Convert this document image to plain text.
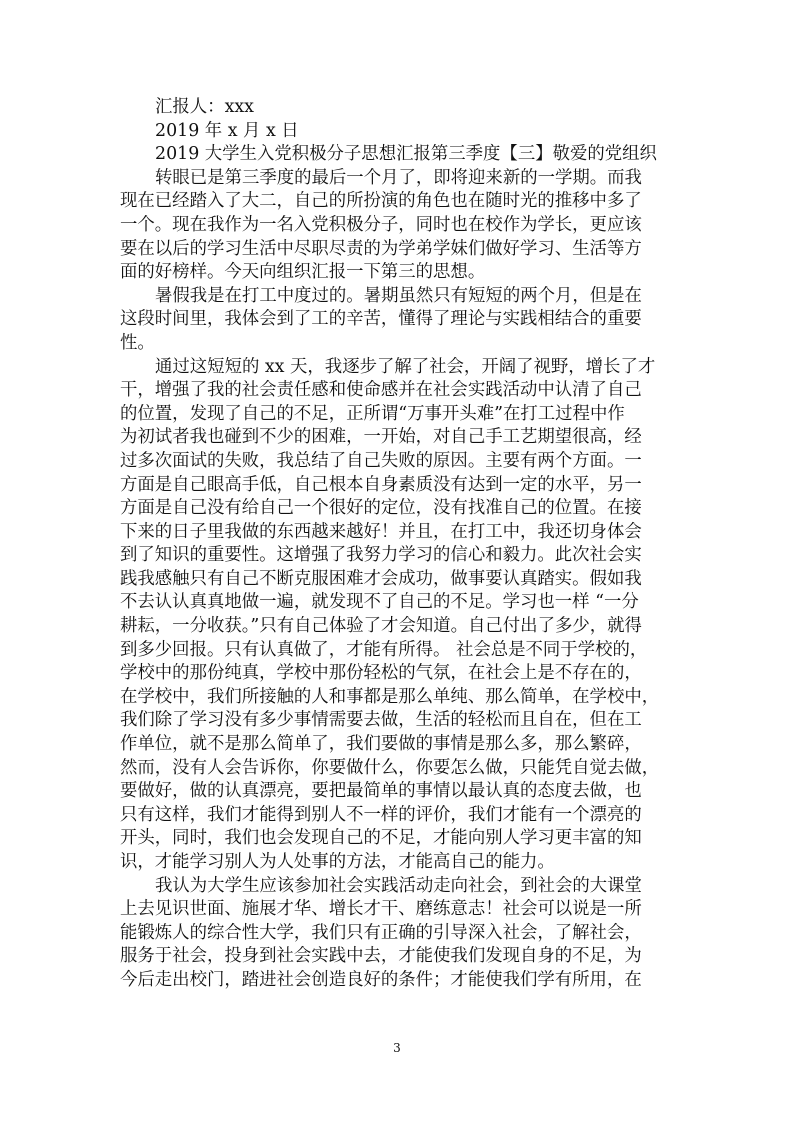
汇报人：xxx
2019 年 x 月 x 日
2019 大学生入党积极分子思想汇报第三季度【三】敬爱的党组织
转眼已是第三季度的最后一个月了，即将迎来新的一学期。而我
现在已经踏入了大二，自己的所扮演的角色也在随时光的推移中多了
一个。现在我作为一名入党积极分子，同时也在校作为学长，更应该
要在以后的学习生活中尽职尽责的为学弟学妹们做好学习、生活等方
面的好榜样。今天向组织汇报一下第三的思想。
暑假我是在打工中度过的。暑期虽然只有短短的两个月，但是在
这段时间里，我体会到了工的辛苦，懂得了理论与实践相结合的重要
性。
通过这短短的 xx 天，我逐步了解了社会，开阔了视野，增长了才
干，增强了我的社会责任感和使命感并在社会实践活动中认清了自己
的位置，发现了自己的不足，正所谓“万事开头难”在打工过程中作
为初试者我也碰到不少的困难，一开始，对自己手工艺期望很高，经
过多次面试的失败，我总结了自己失败的原因。主要有两个方面。一
方面是自己眼高手低，自己根本自身素质没有达到一定的水平，另一
方面是自己没有给自己一个很好的定位，没有找准自己的位置。在接
下来的日子里我做的东西越来越好！并且，在打工中，我还切身体会
到了知识的重要性。这增强了我努力学习的信心和毅力。此次社会实
践我感触只有自己不断克服困难才会成功，做事要认真踏实。假如我
不去认认真真地做一遍，就发现不了自己的不足。学习也一样 “一分
耕耘，一分收获。”只有自己体验了才会知道。自己付出了多少，就得
到多少回报。只有认真做了，才能有所得。 社会总是不同于学校的，
学校中的那份纯真，学校中那份轻松的气氛，在社会上是不存在的，
在学校中，我们所接触的人和事都是那么单纯、那么简单，在学校中，
我们除了学习没有多少事情需要去做，生活的轻松而且自在，但在工
作单位，就不是那么简单了，我们要做的事情是那么多，那么繁碎，
然而，没有人会告诉你，你要做什么，你要怎么做，只能凭自觉去做，
要做好，做的认真漂亮，要把最简单的事情以最认真的态度去做，也
只有这样，我们才能得到别人不一样的评价，我们才能有一个漂亮的
开头，同时，我们也会发现自己的不足，才能向别人学习更丰富的知
识，才能学习别人为人处事的方法，才能高自己的能力。
我认为大学生应该参加社会实践活动走向社会，到社会的大课堂
上去见识世面、施展才华、增长才干、磨练意志！社会可以说是一所
能锻炼人的综合性大学，我们只有正确的引导深入社会，了解社会，
服务于社会，投身到社会实践中去，才能使我们发现自身的不足，为
今后走出校门，踏进社会创造良好的条件；才能使我们学有所用，在
3
